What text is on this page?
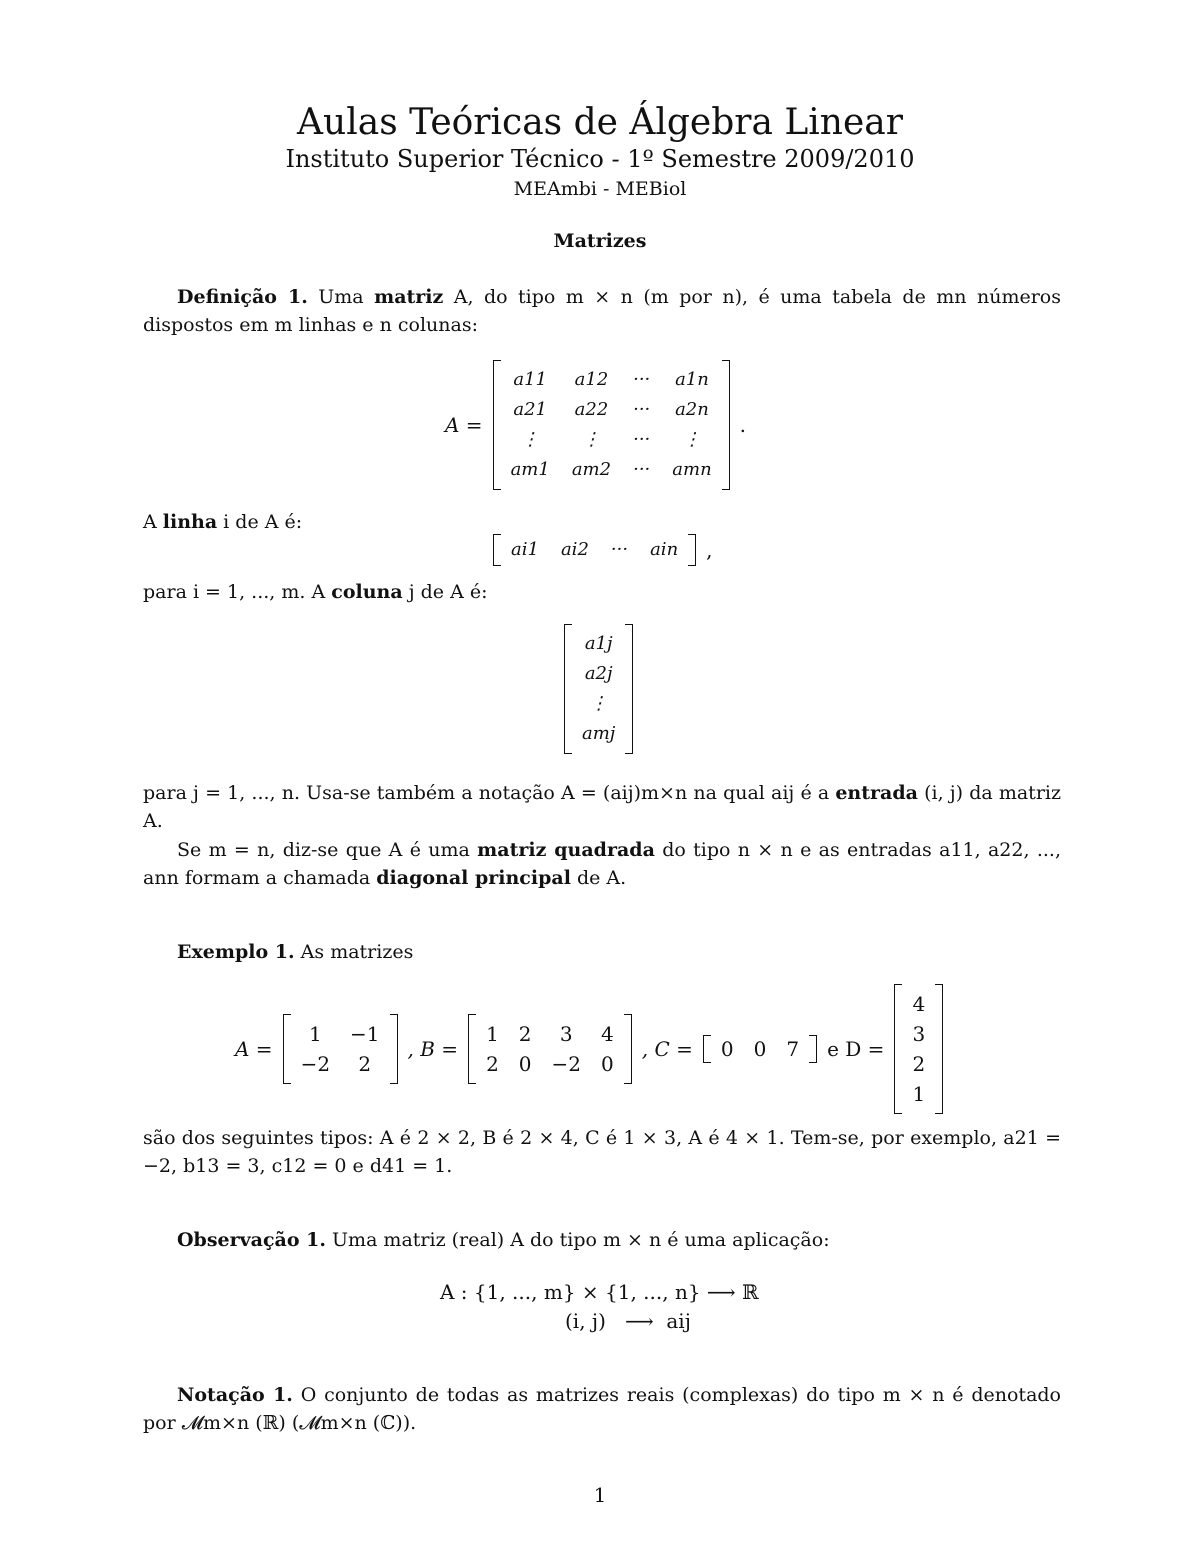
Aulas Teóricas de Álgebra Linear
Instituto Superior Técnico - 1º Semestre 2009/2010
MEAmbi - MEBiol
Matrizes
Definição 1. Uma matriz A, do tipo m × n (m por n), é uma tabela de mn números dispostos em m linhas e n colunas:
A =
a11 a12 ··· a1n
a21 a22 ··· a2n
⋮ ⋮ ··· ⋮
am1 am2 ··· amn
.
A linha i de A é:
ai1 ai2 ··· ain ,
para i = 1, ..., m. A coluna j de A é:
a1j
a2j
⋮
amj
para j = 1, ..., n. Usa-se também a notação A = (aij)m×n na qual aij é a entrada (i, j) da matriz A.
Se m = n, diz-se que A é uma matriz quadrada do tipo n × n e as entradas a11, a22, ..., ann formam a chamada diagonal principal de A.
Exemplo 1. As matrizes
A =
1 −1
−2 2
, B =
1 2 3 4
2 0 −2 0
, C = 0 0 7 e D =
4
3
2
1
são dos seguintes tipos: A é 2 × 2, B é 2 × 4, C é 1 × 3, A é 4 × 1. Tem-se, por exemplo, a21 = −2, b13 = 3, c12 = 0 e d41 = 1.
Observação 1. Uma matriz (real) A do tipo m × n é uma aplicação:
A : {1, ..., m} × {1, ..., n} ⟶ ℝ
(i, j)   ⟶  aij
Notação 1. O conjunto de todas as matrizes reais (complexas) do tipo m × n é denotado por 𝓜m×n (ℝ) (𝓜m×n (ℂ)).
1
